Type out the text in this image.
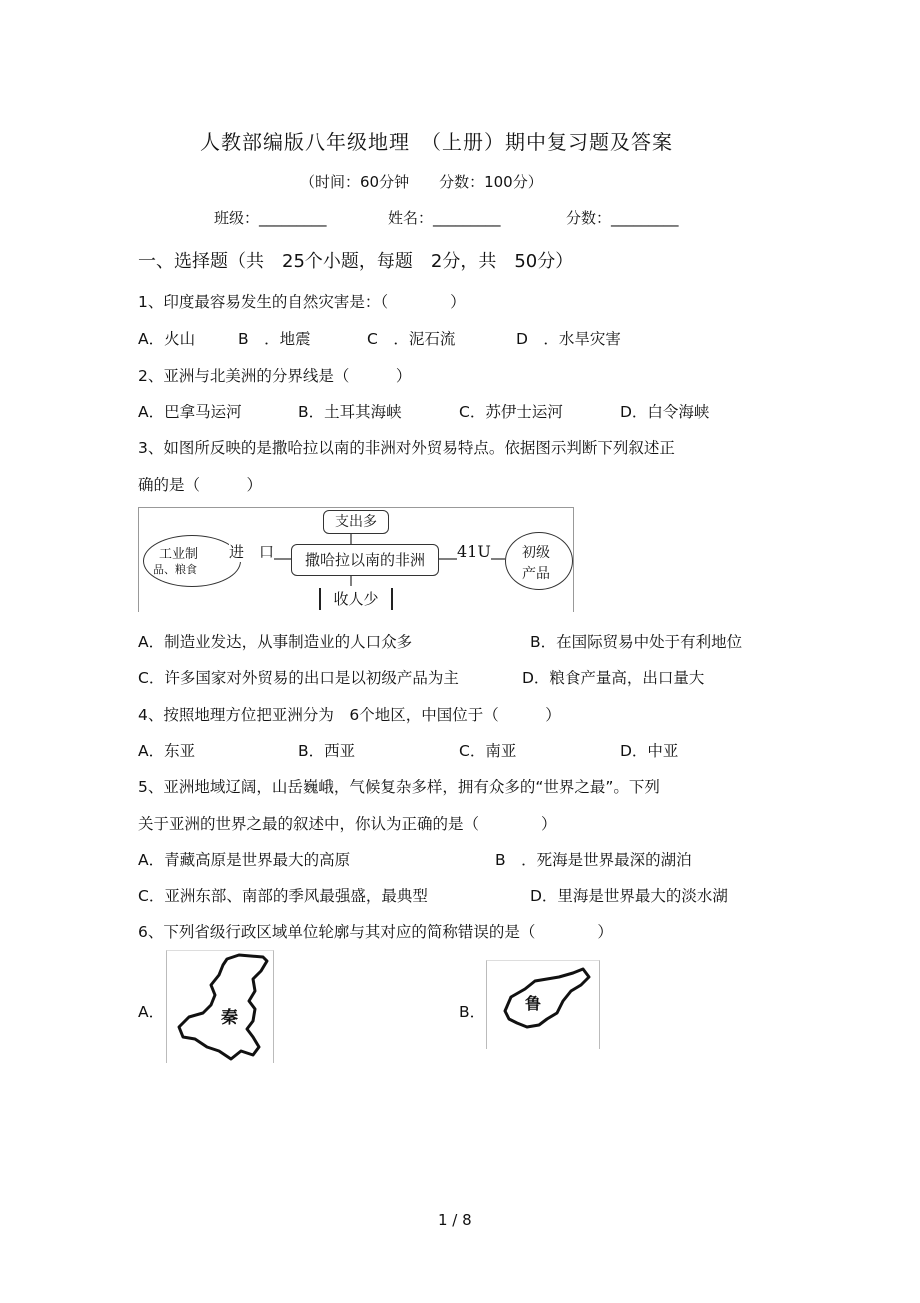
人教部编版八年级地理　（上册）期中复习题及答案
（时间：60分钟　　分数：100分）
班级：_________	姓名：_________	分数：_________
一、选择题（共　25个小题，每题　2分，共　50分）
1、印度最容易发生的自然灾害是：（　　　　）
A．火山	B　．地震	C　．泥石流	D　．水旱灾害
2、亚洲与北美洲的分界线是（　　　）
A．巴拿马运河	B．土耳其海峡	C．苏伊士运河	D．白令海峡
3、如图所反映的是撒哈拉以南的非洲对外贸易特点。依据图示判断下列叙述正
确的是（　　　）
工业制
品、粮食
进　口
支出多
撒哈拉以南的非洲
收人少
41U 初级
产品
A．制造业发达，从事制造业的人口众多	B．在国际贸易中处于有利地位
C．许多国家对外贸易的出口是以初级产品为主	D．粮食产量高，出口量大
4、按照地理方位把亚洲分为　6个地区，中国位于（　　　）
A．东亚	B．西亚	C．南亚	D．中亚
5、亚洲地域辽阔，山岳巍峨，气候复杂多样，拥有众多的“世界之最”。下列
关于亚洲的世界之最的叙述中，你认为正确的是（　　　　）
A．青藏高原是世界最大的高原	B　．死海是世界最深的湖泊
C．亚洲东部、南部的季风最强盛，最典型	D．里海是世界最大的淡水湖
6、下列省级行政区域单位轮廓与其对应的简称错误的是（　　　　）
A．	秦	B． 鲁
1 / 8
